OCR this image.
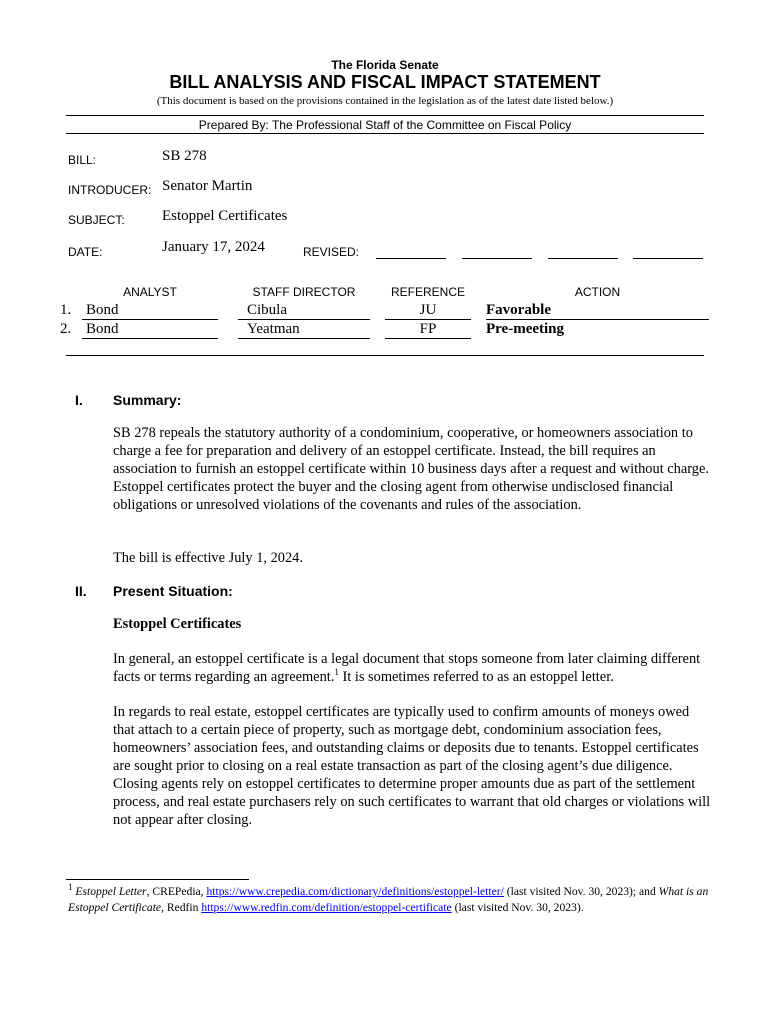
The Florida Senate
BILL ANALYSIS AND FISCAL IMPACT STATEMENT
(This document is based on the provisions contained in the legislation as of the latest date listed below.)
Prepared By: The Professional Staff of the Committee on Fiscal Policy
BILL:	SB 278
INTRODUCER: Senator Martin
SUBJECT: Estoppel Certificates
DATE:	January 17, 2024	REVISED:
ANALYST	STAFF DIRECTOR	REFERENCE	ACTION
1. Bond	Cibula	JU	Favorable
2. Bond	Yeatman	FP	Pre-meeting
I. Summary:

SB 278 repeals the statutory authority of a condominium, cooperative, or homeowners association to charge a fee for preparation and delivery of an estoppel certificate. Instead, the bill requires an association to furnish an estoppel certificate within 10 business days after a request and without charge. Estoppel certificates protect the buyer and the closing agent from otherwise undisclosed financial obligations or unresolved violations of the covenants and rules of the association.

The bill is effective July 1, 2024.

II. Present Situation:
Estoppel Certificates

In general, an estoppel certificate is a legal document that stops someone from later claiming different facts or terms regarding an agreement.$^1$ It is sometimes referred to as an estoppel letter.

In regards to real estate, estoppel certificates are typically used to confirm amounts of moneys owed that attach to a certain piece of property, such as mortgage debt, condominium association fees, homeowners’ association fees, and outstanding claims or deposits due to tenants. Estoppel certificates are sought prior to closing on a real estate transaction as part of the closing agent’s due diligence. Closing agents rely on estoppel certificates to determine proper amounts due as part of the settlement process, and real estate purchasers rely on such certificates to warrant that old charges or violations will not appear after closing.

$^1$ Estoppel Letter, CREPedia, https://www.crepedia.com/dictionary/definitions/estoppel-letter/ (last visited Nov. 30, 2023); and What is an Estoppel Certificate, Redfin https://www.redfin.com/definition/estoppel-certificate (last visited Nov. 30, 2023).
